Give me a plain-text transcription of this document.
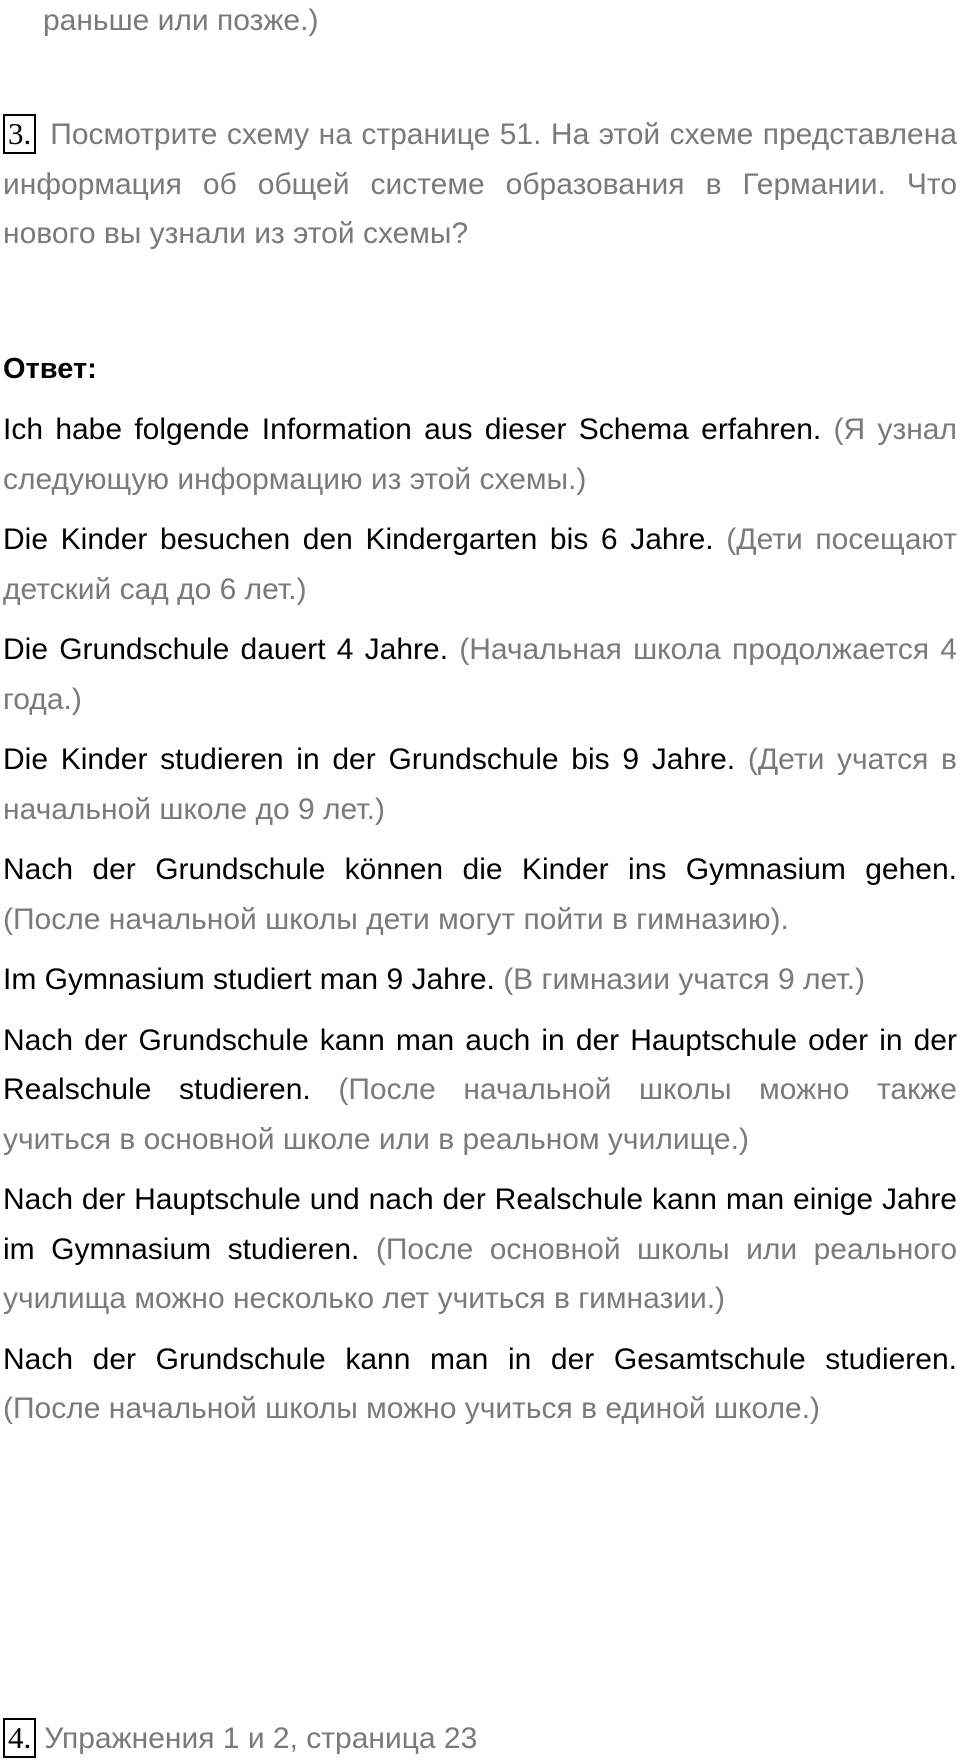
раньше или позже.)
3. Посмотрите схему на странице 51. На этой схеме представлена информация об общей системе образования в Германии. Что нового вы узнали из этой схемы?
Ответ:

Ich habe folgende Information aus dieser Schema erfahren. (Я узнал следующую информацию из этой схемы.)

Die Kinder besuchen den Kindergarten bis 6 Jahre. (Дети посещают детский сад до 6 лет.)

Die Grundschule dauert 4 Jahre. (Начальная школа продолжается 4 года.)

Die Kinder studieren in der Grundschule bis 9 Jahre. (Дети учатся в начальной школе до 9 лет.)

Nach der Grundschule können die Kinder ins Gymnasium gehen. (После начальной школы дети могут пойти в гимназию).

Im Gymnasium studiert man 9 Jahre. (В гимназии учатся 9 лет.)

Nach der Grundschule kann man auch in der Hauptschule oder in der Realschule studieren. (После начальной школы можно также учиться в основной школе или в реальном училище.)

Nach der Hauptschule und nach der Realschule kann man einige Jahre im Gymnasium studieren. (После основной школы или реального училища можно несколько лет учиться в гимназии.)

Nach der Grundschule kann man in der Gesamtschule studieren. (После начальной школы можно учиться в единой школе.)

4. Упражнения 1 и 2, страница 23
